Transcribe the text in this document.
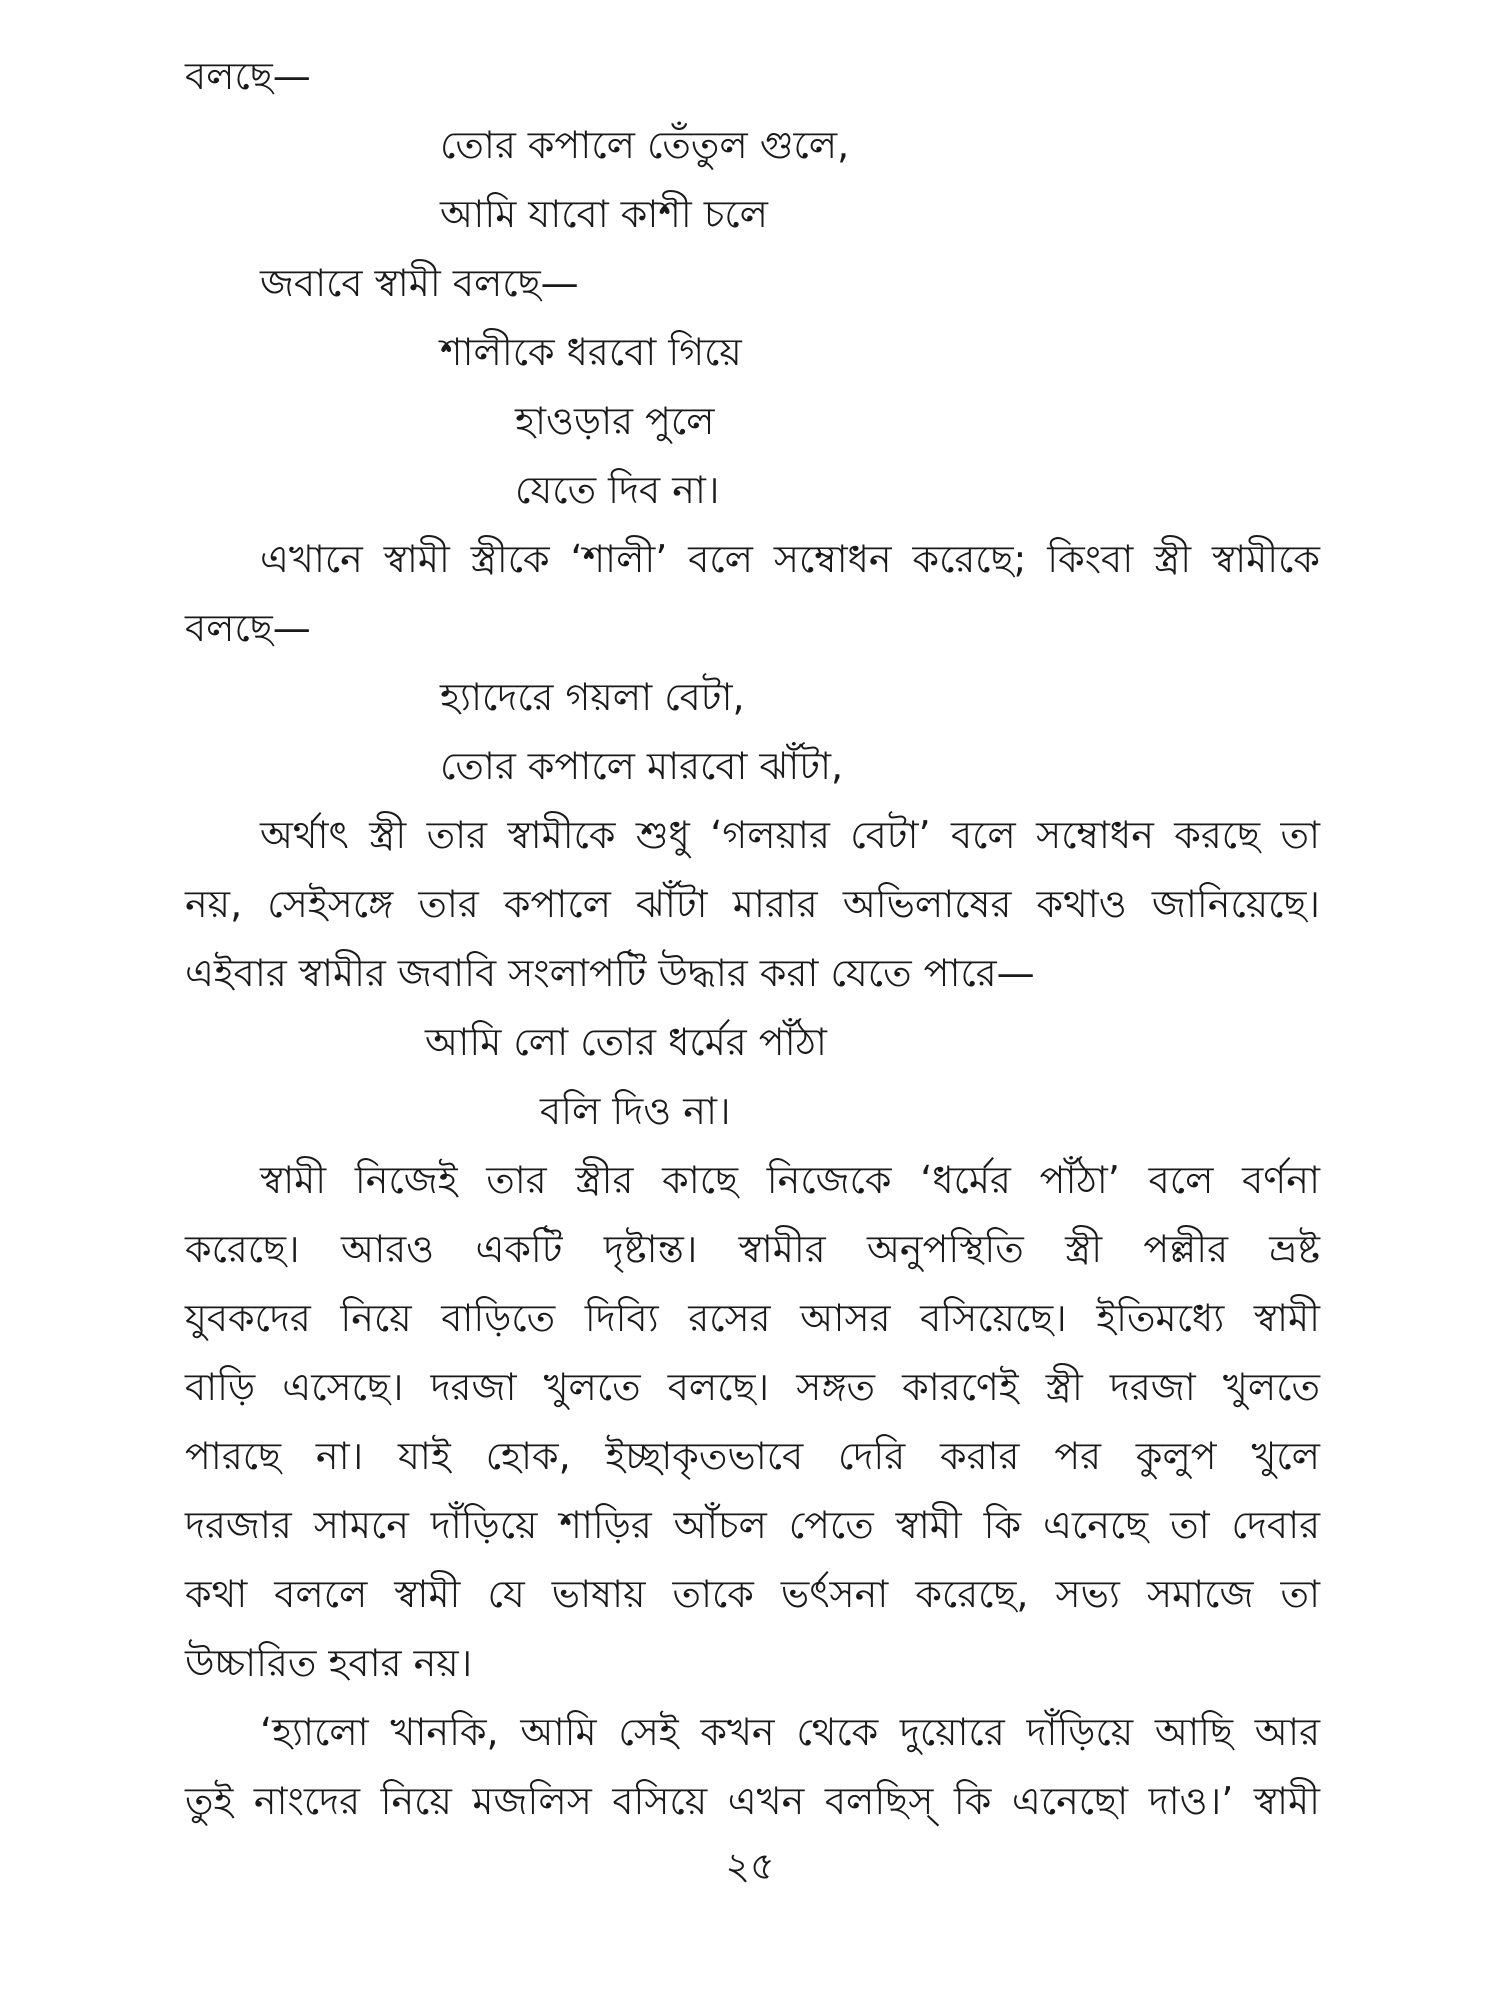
বলছে—

তোর কপালে তেঁতুল গুলে,

আমি যাবো কাশী চলে

জবাবে স্বামী বলছে—

শালীকে ধরবো গিয়ে

হাওড়ার পুলে

যেতে দিব না।

এখানে স্বামী স্ত্রীকে ‘শালী’ বলে সম্বোধন করেছে; কিংবা স্ত্রী স্বামীকে

বলছে—

হ্যাদেরে গয়লা বেটা,

তোর কপালে মারবো ঝাঁটা,

অর্থাৎ স্ত্রী তার স্বামীকে শুধু ‘গলয়ার বেটা’ বলে সম্বোধন করছে তা

নয়, সেইসঙ্গে তার কপালে ঝাঁটা মারার অভিলাষের কথাও জানিয়েছে।

এইবার স্বামীর জবাবি সংলাপটি উদ্ধার করা যেতে পারে—

আমি লো তোর ধর্মের পাঁঠা

বলি দিও না।

স্বামী নিজেই তার স্ত্রীর কাছে নিজেকে ‘ধর্মের পাঁঠা’ বলে বর্ণনা

করেছে। আরও একটি দৃষ্টান্ত। স্বামীর অনুপস্থিতি স্ত্রী পল্লীর ভ্রষ্ট

যুবকদের নিয়ে বাড়িতে দিব্যি রসের আসর বসিয়েছে। ইতিমধ্যে স্বামী

বাড়ি এসেছে। দরজা খুলতে বলছে। সঙ্গত কারণেই স্ত্রী দরজা খুলতে

পারছে না। যাই হোক, ইচ্ছাকৃতভাবে দেরি করার পর কুলুপ খুলে

দরজার সামনে দাঁড়িয়ে শাড়ির আঁচল পেতে স্বামী কি এনেছে তা দেবার

কথা বললে স্বামী যে ভাষায় তাকে ভর্ৎসনা করেছে, সভ্য সমাজে তা

উচ্চারিত হবার নয়।

‘হ্যালো খানকি, আমি সেই কখন থেকে দুয়োরে দাঁড়িয়ে আছি আর

তুই নাংদের নিয়ে মজলিস বসিয়ে এখন বলছিস্ কি এনেছো দাও।’ স্বামী

২৫
